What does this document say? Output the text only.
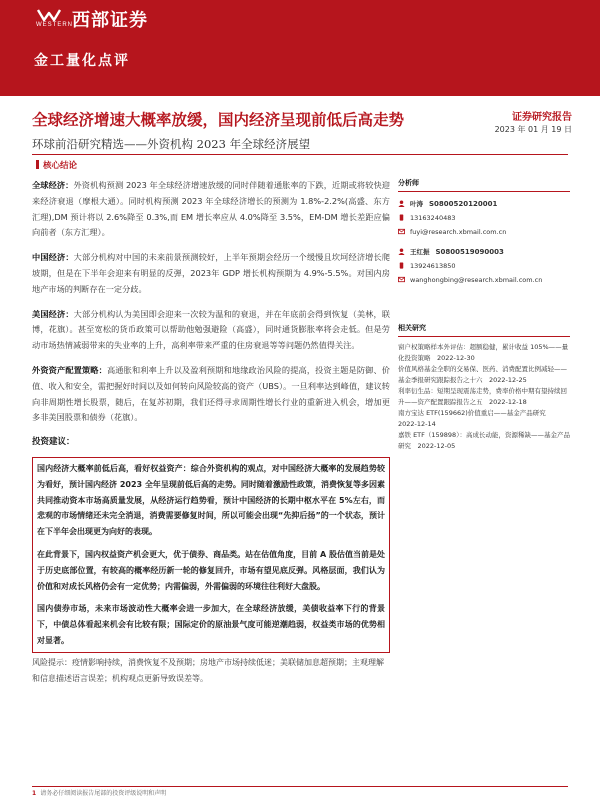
WESTERN 西部证券
金工量化点评
全球经济增速大概率放缓，国内经济呈现前低后高走势
环球前沿研究精选——外资机构 2023 年全球经济展望
证券研究报告
2023 年 01 月 19 日
核心结论

全球经济：外资机构预测 2023 年全球经济增速放缓的同时伴随着通胀率的下跌，近期或将较快迎来经济衰退（摩根大通）。同时机构预测 2023 年全球经济增长的预测为 1.8%-2.2%(高盛、东方汇理),DM 预计将以 2.6%降至 0.3%,而 EM 增长率应从 4.0%降至 3.5%，EM-DM 增长差距应偏向前者（东方汇理）。

中国经济：大部分机构对中国的未来前景预测较好，上半年预期会经历一个缓慢且坎坷经济增长爬坡期，但是在下半年会迎来有明显的反弹，2023年 GDP 增长机构预期为 4.9%-5.5%。对国内房地产市场的判断存在一定分歧。

美国经济：大部分机构认为美国即会迎来一次较为温和的衰退，并在年底前会得到恢复（美林，联博，花旗）。甚至宽松的货币政策可以帮助他勉强避险（高盛），同时通货膨胀率将会走低。但是劳动市场热情减弱带来的失业率的上升，高利率带来严重的住房衰退等等问题仍然值得关注。

外资资产配置策略：高通胀和利率上升以及盈利预期和地缘政治风险的提高，投资主题是防御、价值、收入和安全，需把握好时间以及如何转向风险较高的资产（UBS）。一旦利率达到峰值，建议转向非周期性增长股票，随后，在复苏初期，我们还得寻求周期性增长行业的重新进入机会，增加更多非美国股票和债券（花旗）。

投资建议：

国内经济大概率前低后高，看好权益资产：综合外资机构的观点，对中国经济大概率的发展趋势较为看好，预计国内经济 2023 全年呈现前低后高的走势。同时随着激励性政策，消费恢复等多因素共同推动资本市场高质量发展，从经济运行趋势看，预计中国经济的长期中枢水平在 5%左右，而悲观的市场情绪还未完全消退，消费需要修复时间，所以可能会出现“先抑后扬”的一个状态，预计在下半年会出现更为向好的表现。

在此背景下，国内权益资产机会更大，优于债券、商品类。站在估值角度，目前 A 股估值当前是处于历史底部位置，有较高的概率经历新一轮的修复回升，市场有望见底反弹。风格层面，我们认为价值和对成长风格仍会有一定优势；内需偏弱，外需偏弱的环境往往利好大盘股。

国内债券市场，未来市场波动性大概率会进一步加大，在全球经济放缓，美债收益率下行的背景下，中债总体看起来机会有比较有限；国际定价的原油景气度可能逆潮趋弱，权益类市场的优势相对显著。

风险提示：疫情影响持续，消费恢复不及预期；房地产市场持续低迷；美联储加息超预期；主观理解和信息描述语言误差；机构观点更新导致误差等。

分析师
叶涛 S0800520120001
13163240483
fuyi@research.xbmail.com.cn
王红振 S0800519090003
13924613850
wanghongbing@research.xbmail.com.cn
相关研究
窗户权策略样本外评估：超额稳健，累计收益 105%——量化投资策略　2022-12-30
价值风格基金全职的交易保、医药、消费配置比例减轻——基金季报研究跟踪报告之十六　2022-12-25
利率衍生品：短期呈现震荡走势，费率价格中期有望持续回升——资产配置跟踪报告之五　2022-12-18
南方宝达 ETF(159662)价值重启——基金产品研究　2022-12-14
嘉铁 ETF（159898）：高成长动能，资源稀缺——基金产品研究　2022-12-05
1 请务必仔细阅读报告尾部的投资评级说明和声明
